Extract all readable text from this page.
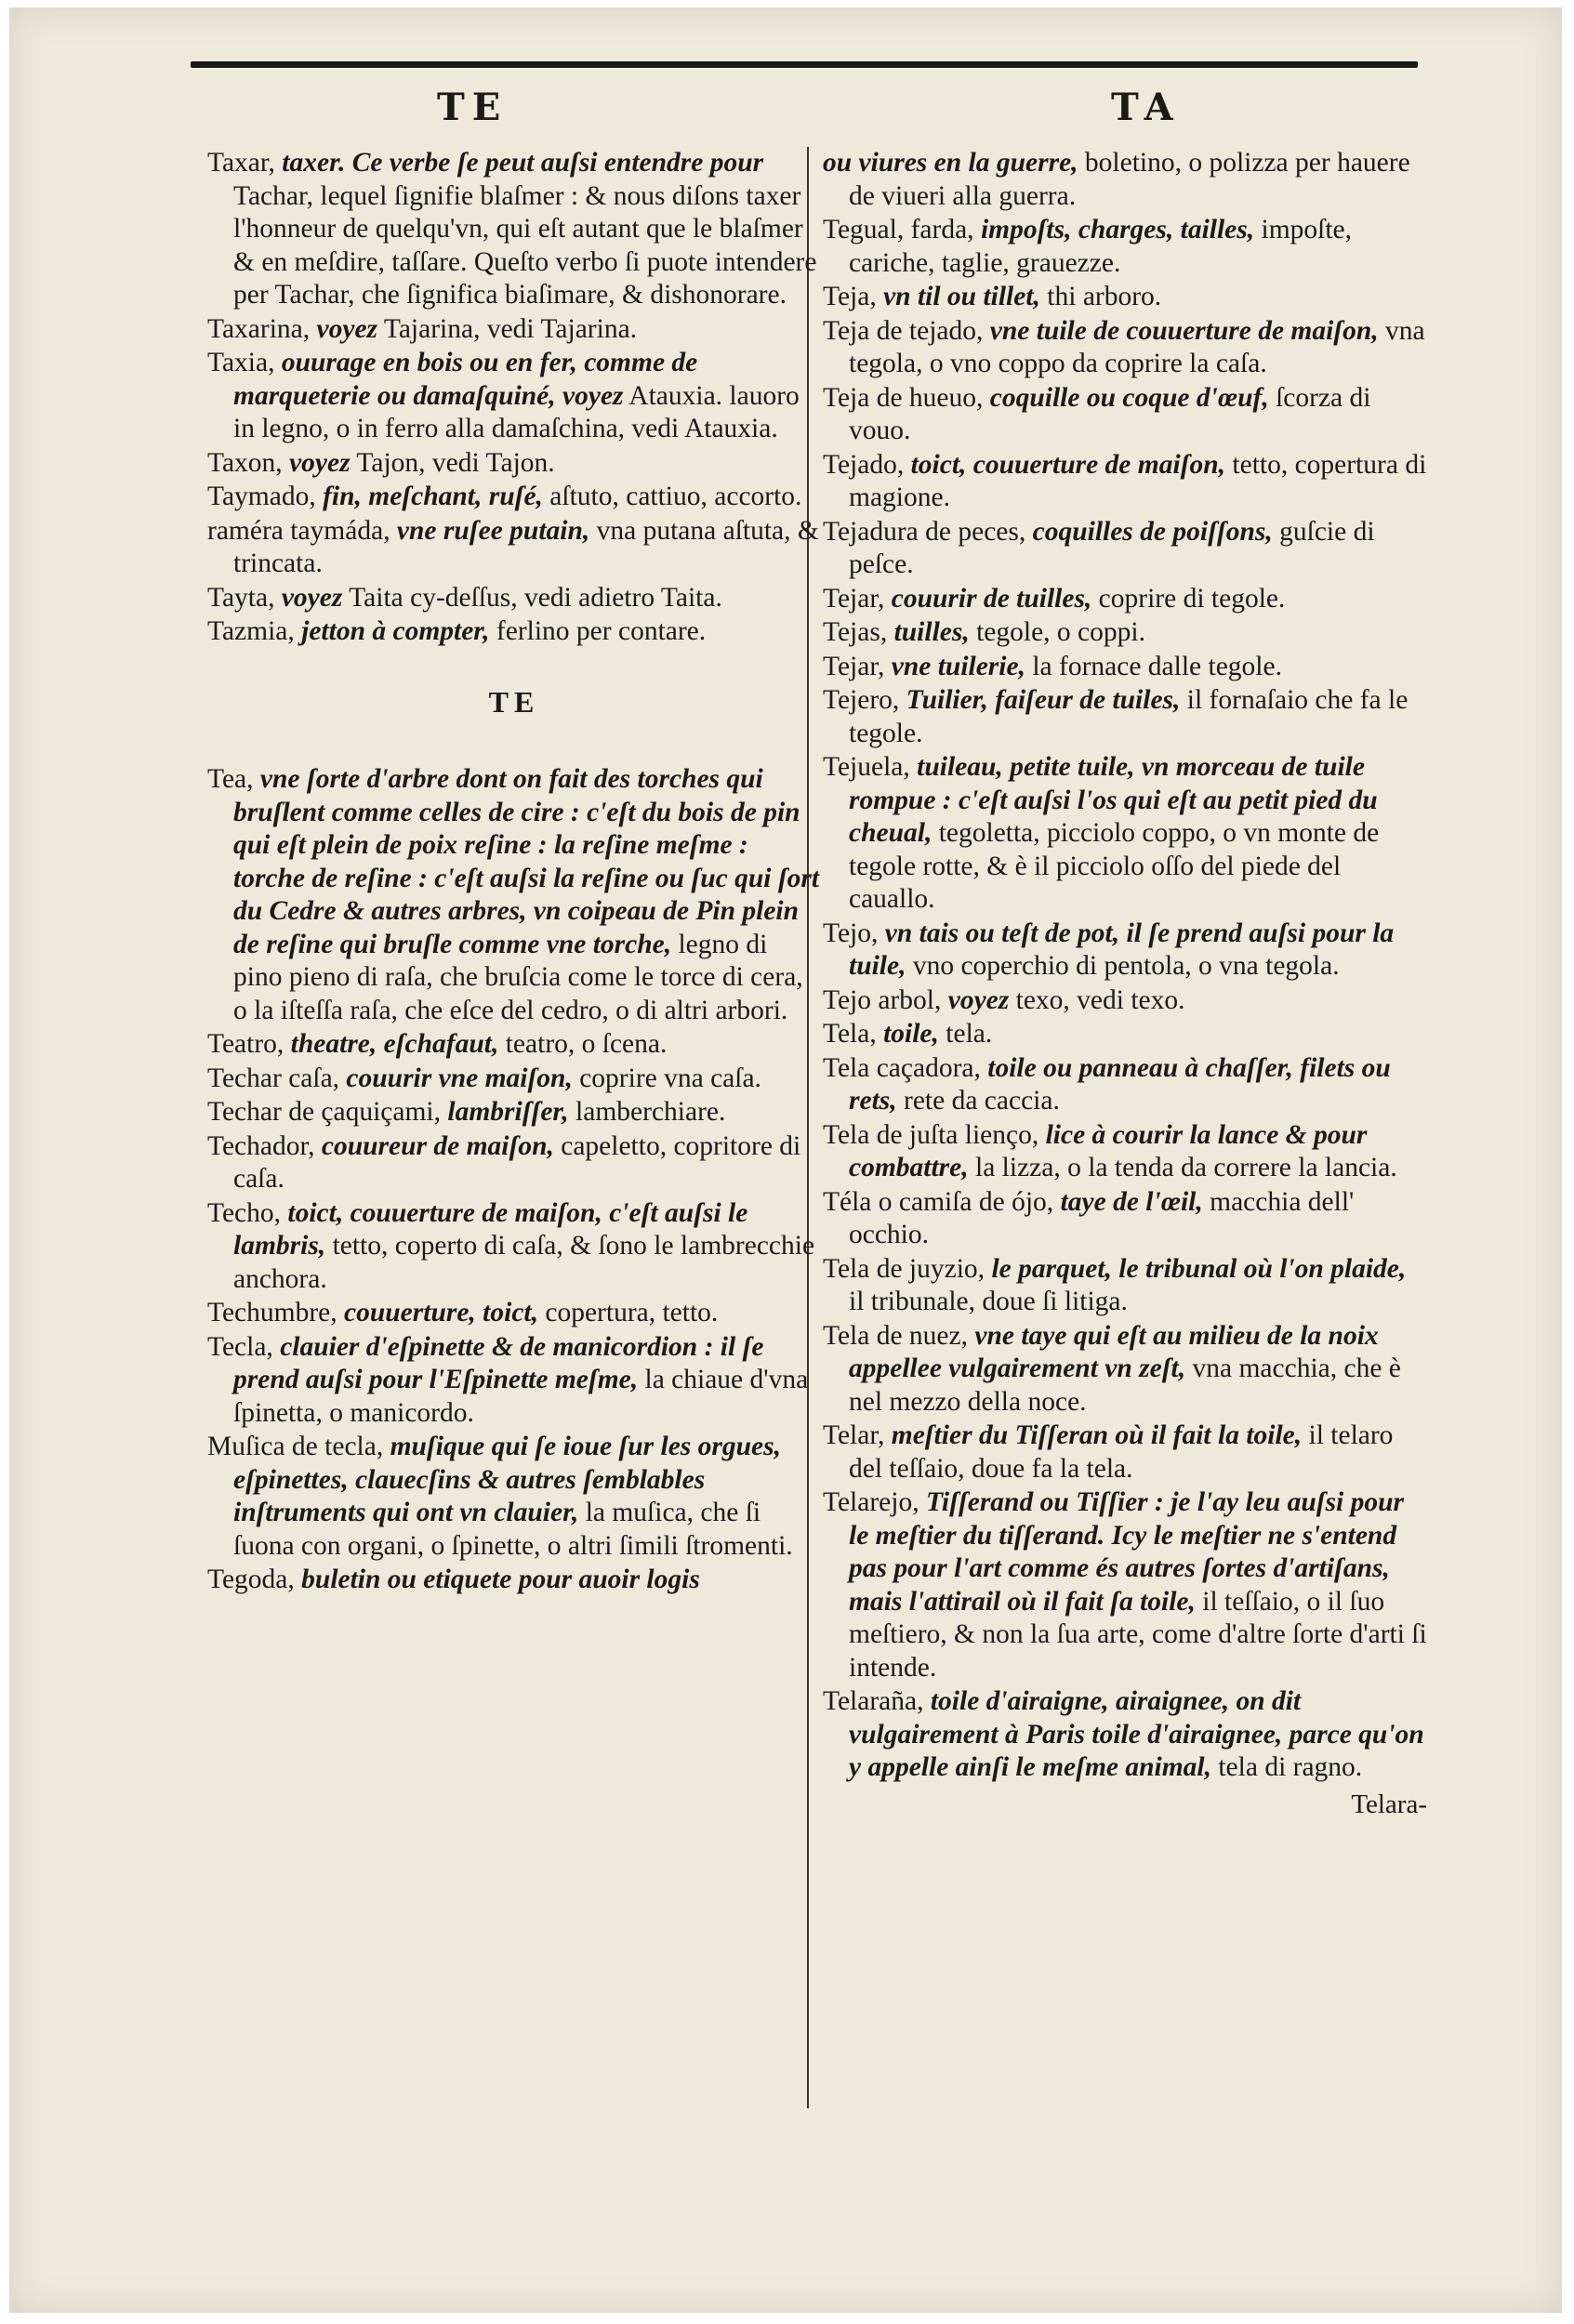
TE	TA

Taxar, taxer. Ce verbe ſe peut auſsi entendre pour Tachar, lequel ſignifie blaſmer : & nous diſons taxer l'honneur de quelqu'vn, qui eſt autant que le blaſmer & en meſdire, taſſare. Queſto verbo ſi puote intendere per Tachar, che ſignifica biaſimare, & dishonorare.

Taxarina, voyez Tajarina, vedi Tajarina.

Taxia, ouurage en bois ou en fer, comme de marqueterie ou damaſquiné, voyez Atauxia. lauoro in legno, o in ferro alla damaſchina, vedi Atauxia.

Taxon, voyez Tajon, vedi Tajon.

Taymado, fin, meſchant, ruſé, aſtuto, cattiuo, accorto.

raméra taymáda, vne ruſee putain, vna putana aſtuta, & trincata.

Tayta, voyez Taita cy-deſſus, vedi adietro Taita.

Tazmia, jetton à compter, ferlino per contare.

TE

Tea, vne ſorte d'arbre dont on fait des torches qui bruſlent comme celles de cire : c'eſt du bois de pin qui eſt plein de poix reſine : la reſine meſme : torche de reſine : c'eſt auſsi la reſine ou ſuc qui ſort du Cedre & autres arbres, vn coipeau de Pin plein de reſine qui bruſle comme vne torche, legno di pino pieno di raſa, che bruſcia come le torce di cera, o la iſteſſa raſa, che eſce del cedro, o di altri arbori.

Teatro, theatre, eſchafaut, teatro, o ſcena.

Techar caſa, couurir vne maiſon, coprire vna caſa.

Techar de çaquiçami, lambriſſer, lamberchiare.

Techador, couureur de maiſon, capeletto, copritore di caſa.

Techo, toict, couuerture de maiſon, c'eſt auſsi le lambris, tetto, coperto di caſa, & ſono le lambrecchie anchora.

Techumbre, couuerture, toict, copertura, tetto.

Tecla, clauier d'eſpinette & de manicordion : il ſe prend auſsi pour l'Eſpinette meſme, la chiaue d'vna ſpinetta, o manicordo.

Muſica de tecla, muſique qui ſe ioue ſur les orgues, eſpinettes, clauecſins & autres ſemblables inſtruments qui ont vn clauier, la muſica, che ſi ſuona con organi, o ſpinette, o altri ſimili ſtromenti.

Tegoda, buletin ou etiquete pour auoir logis

ou viures en la guerre, boletino, o polizza per hauere de viueri alla guerra.

Tegual, farda, impoſts, charges, tailles, impoſte, cariche, taglie, grauezze.

Teja, vn til ou tillet, thi arboro.

Teja de tejado, vne tuile de couuerture de maiſon, vna tegola, o vno coppo da coprire la caſa.

Teja de hueuo, coquille ou coque d'œuf, ſcorza di vouo.

Tejado, toict, couuerture de maiſon, tetto, copertura di magione.

Tejadura de peces, coquilles de poiſſons, guſcie di peſce.

Tejar, couurir de tuilles, coprire di tegole.

Tejas, tuilles, tegole, o coppi.

Tejar, vne tuilerie, la fornace dalle tegole.

Tejero, Tuilier, faiſeur de tuiles, il fornaſaio che fa le tegole.

Tejuela, tuileau, petite tuile, vn morceau de tuile rompue : c'eſt auſsi l'os qui eſt au petit pied du cheual, tegoletta, picciolo coppo, o vn monte de tegole rotte, & è il picciolo oſſo del piede del cauallo.

Tejo, vn tais ou teſt de pot, il ſe prend auſsi pour la tuile, vno coperchio di pentola, o vna tegola.

Tejo arbol, voyez texo, vedi texo.

Tela, toile, tela.

Tela caçadora, toile ou panneau à chaſſer, filets ou rets, rete da caccia.

Tela de juſta lienço, lice à courir la lance & pour combattre, la lizza, o la tenda da correre la lancia.

Téla o camiſa de ójo, taye de l'œil, macchia dell' occhio.

Tela de juyzio, le parquet, le tribunal où l'on plaide, il tribunale, doue ſi litiga.

Tela de nuez, vne taye qui eſt au milieu de la noix appellee vulgairement vn zeſt, vna macchia, che è nel mezzo della noce.

Telar, meſtier du Tiſſeran où il fait la toile, il telaro del teſſaio, doue fa la tela.

Telarejo, Tiſſerand ou Tiſſier : je l'ay leu auſsi pour le meſtier du tiſſerand. Icy le meſtier ne s'entend pas pour l'art comme és autres ſortes d'artiſans, mais l'attirail où il fait ſa toile, il teſſaio, o il ſuo meſtiero, & non la ſua arte, come d'altre ſorte d'arti ſi intende.

Telaraña, toile d'airaigne, airaignee, on dit vulgairement à Paris toile d'airaignee, parce qu'on y appelle ainſi le meſme animal, tela di ragno.

Telara-
